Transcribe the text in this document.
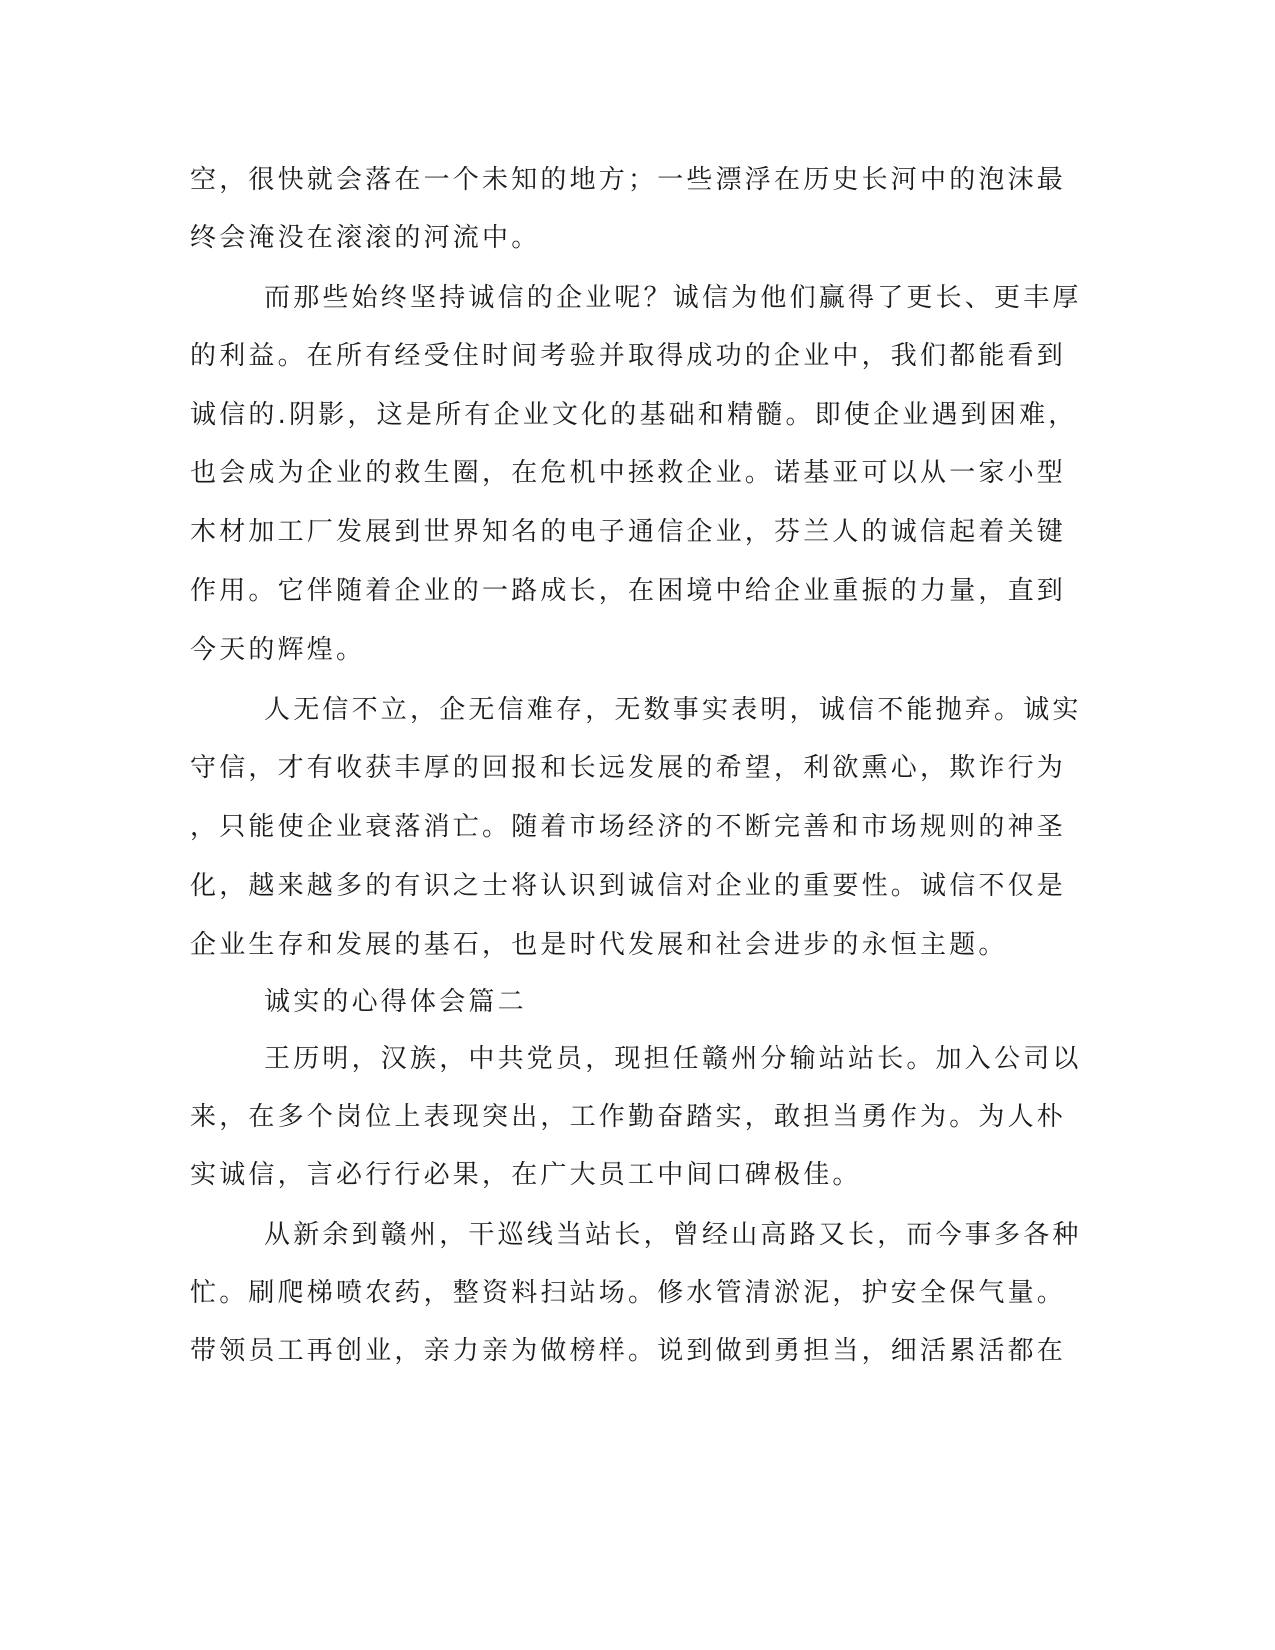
空，很快就会落在一个未知的地方；一些漂浮在历史长河中的泡沫最
终会淹没在滚滚的河流中。
而那些始终坚持诚信的企业呢？诚信为他们赢得了更长、更丰厚
的利益。在所有经受住时间考验并取得成功的企业中，我们都能看到
诚信的.阴影，这是所有企业文化的基础和精髓。即使企业遇到困难，
也会成为企业的救生圈，在危机中拯救企业。诺基亚可以从一家小型
木材加工厂发展到世界知名的电子通信企业，芬兰人的诚信起着关键
作用。它伴随着企业的一路成长，在困境中给企业重振的力量，直到
今天的辉煌。
人无信不立，企无信难存，无数事实表明，诚信不能抛弃。诚实
守信，才有收获丰厚的回报和长远发展的希望，利欲熏心，欺诈行为
，只能使企业衰落消亡。随着市场经济的不断完善和市场规则的神圣
化，越来越多的有识之士将认识到诚信对企业的重要性。诚信不仅是
企业生存和发展的基石，也是时代发展和社会进步的永恒主题。
诚实的心得体会篇二
王历明，汉族，中共党员，现担任赣州分输站站长。加入公司以
来，在多个岗位上表现突出，工作勤奋踏实，敢担当勇作为。为人朴
实诚信，言必行行必果，在广大员工中间口碑极佳。
从新余到赣州，干巡线当站长，曾经山高路又长，而今事多各种
忙。刷爬梯喷农药，整资料扫站场。修水管清淤泥，护安全保气量。
带领员工再创业，亲力亲为做榜样。说到做到勇担当，细活累活都在
